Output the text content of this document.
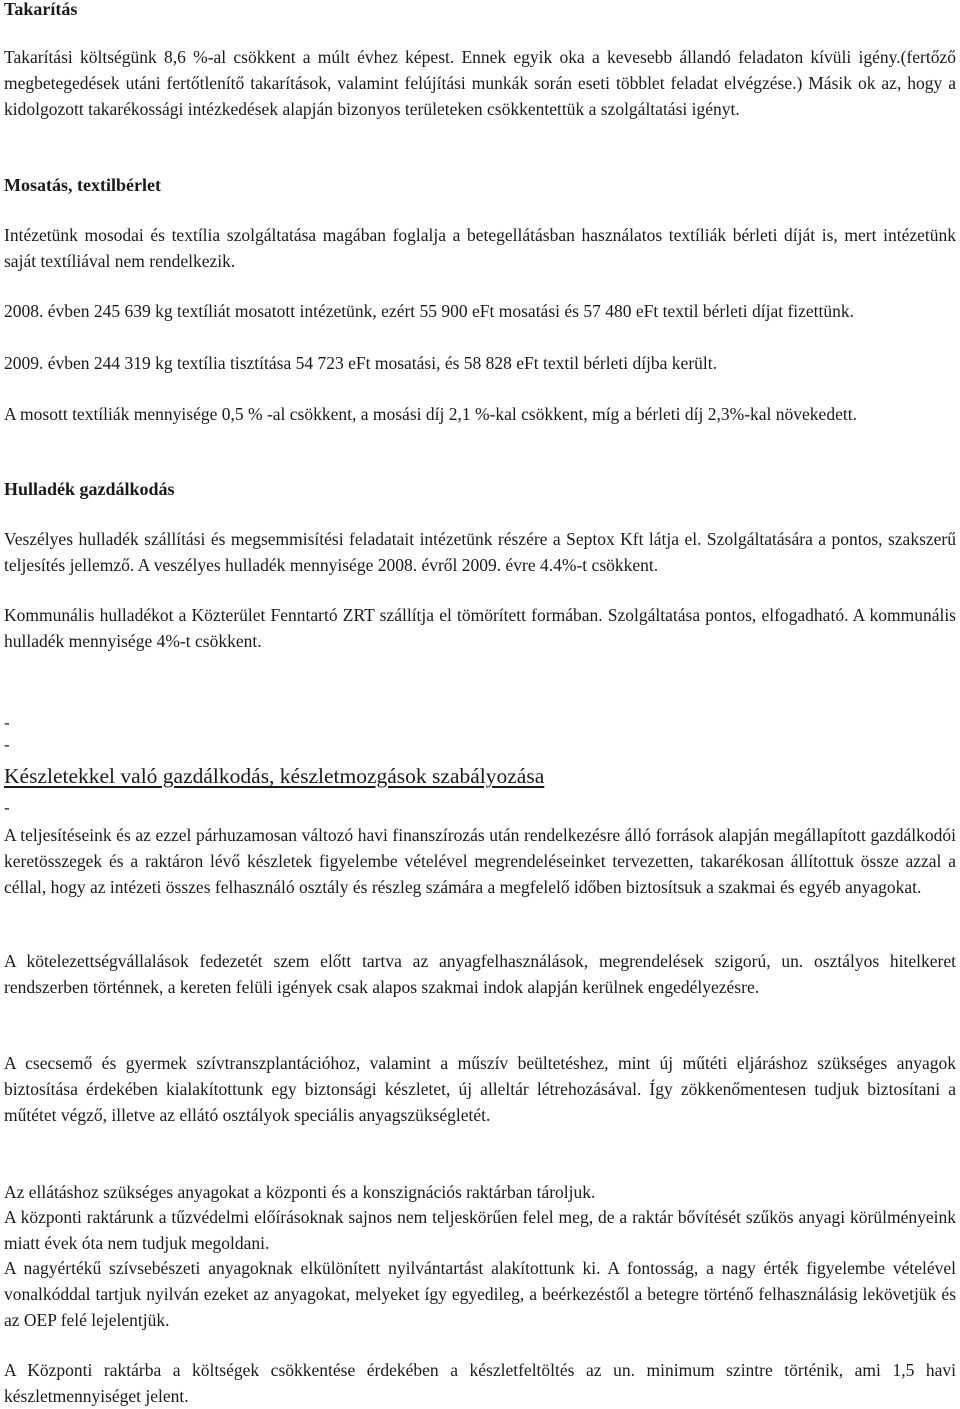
Takarítás

Takarítási költségünk 8,6 %-al csökkent a múlt évhez képest. Ennek egyik oka a kevesebb állandó feladaton kívüli igény.(fertőző megbetegedések utáni fertőtlenítő takarítások, valamint felújítási munkák során eseti többlet feladat elvégzése.) Másik ok az, hogy a kidolgozott takarékossági intézkedések alapján bizonyos területeken csökkentettük a szolgáltatási igényt.

Mosatás, textilbérlet

Intézetünk mosodai és textília szolgáltatása magában foglalja a betegellátásban használatos textíliák bérleti díját is, mert intézetünk saját textíliával nem rendelkezik.

2008. évben 245 639 kg textíliát mosatott intézetünk, ezért 55 900 eFt mosatási és 57 480 eFt textil bérleti díjat fizettünk.

2009. évben 244 319 kg textília tisztítása 54 723 eFt mosatási, és 58 828 eFt textil bérleti díjba került.

A mosott textíliák mennyisége 0,5 % -al csökkent, a mosási díj 2,1 %-kal csökkent, míg a bérleti díj 2,3%-kal növekedett.

Hulladék gazdálkodás

Veszélyes hulladék szállítási és megsemmisítési feladatait intézetünk részére a Septox Kft látja el. Szolgáltatására a pontos, szakszerű teljesítés jellemző. A veszélyes hulladék mennyisége 2008. évről 2009. évre 4.4%-t csökkent.

Kommunális hulladékot a Közterület Fenntartó ZRT szállítja el tömörített formában. Szolgáltatása pontos, elfogadható. A kommunális hulladék mennyisége 4%-t csökkent.

-
-
Készletekkel való gazdálkodás, készletmozgások szabályozása
-

A teljesítéseink és az ezzel párhuzamosan változó havi finanszírozás után rendelkezésre álló források alapján megállapított gazdálkodói keretösszegek és a raktáron lévő készletek figyelembe vételével megrendeléseinket tervezetten, takarékosan állítottuk össze azzal a céllal, hogy az intézeti összes felhasználó osztály és részleg számára a megfelelő időben biztosítsuk a szakmai és egyéb anyagokat.

A kötelezettségvállalások fedezetét szem előtt tartva az anyagfelhasználások, megrendelések szigorú, un. osztályos hitelkeret rendszerben történnek, a kereten felüli igények csak alapos szakmai indok alapján kerülnek engedélyezésre.

A csecsemő és gyermek szívtranszplantációhoz, valamint a műszív beültetéshez, mint új műtéti eljáráshoz szükséges anyagok biztosítása érdekében kialakítottunk egy biztonsági készletet, új alleltár létrehozásával. Így zökkenőmentesen tudjuk biztosítani a műtétet végző, illetve az ellátó osztályok speciális anyagszükségletét.

Az ellátáshoz szükséges anyagokat a központi és a konszignációs raktárban tároljuk.

A központi raktárunk a tűzvédelmi előírásoknak sajnos nem teljeskörűen felel meg, de a raktár bővítését szűkös anyagi körülményeink miatt évek óta nem tudjuk megoldani.

A nagyértékű szívsebészeti anyagoknak elkülönített nyilvántartást alakítottunk ki. A fontosság, a nagy érték figyelembe vételével vonalkóddal tartjuk nyilván ezeket az anyagokat, melyeket így egyedileg, a beérkezéstől a betegre történő felhasználásig lekövetjük és az OEP felé lejelentjük.

A Központi raktárba a költségek csökkentése érdekében a készletfeltöltés az un. minimum szintre történik, ami 1,5 havi készletmennyiséget jelent.
